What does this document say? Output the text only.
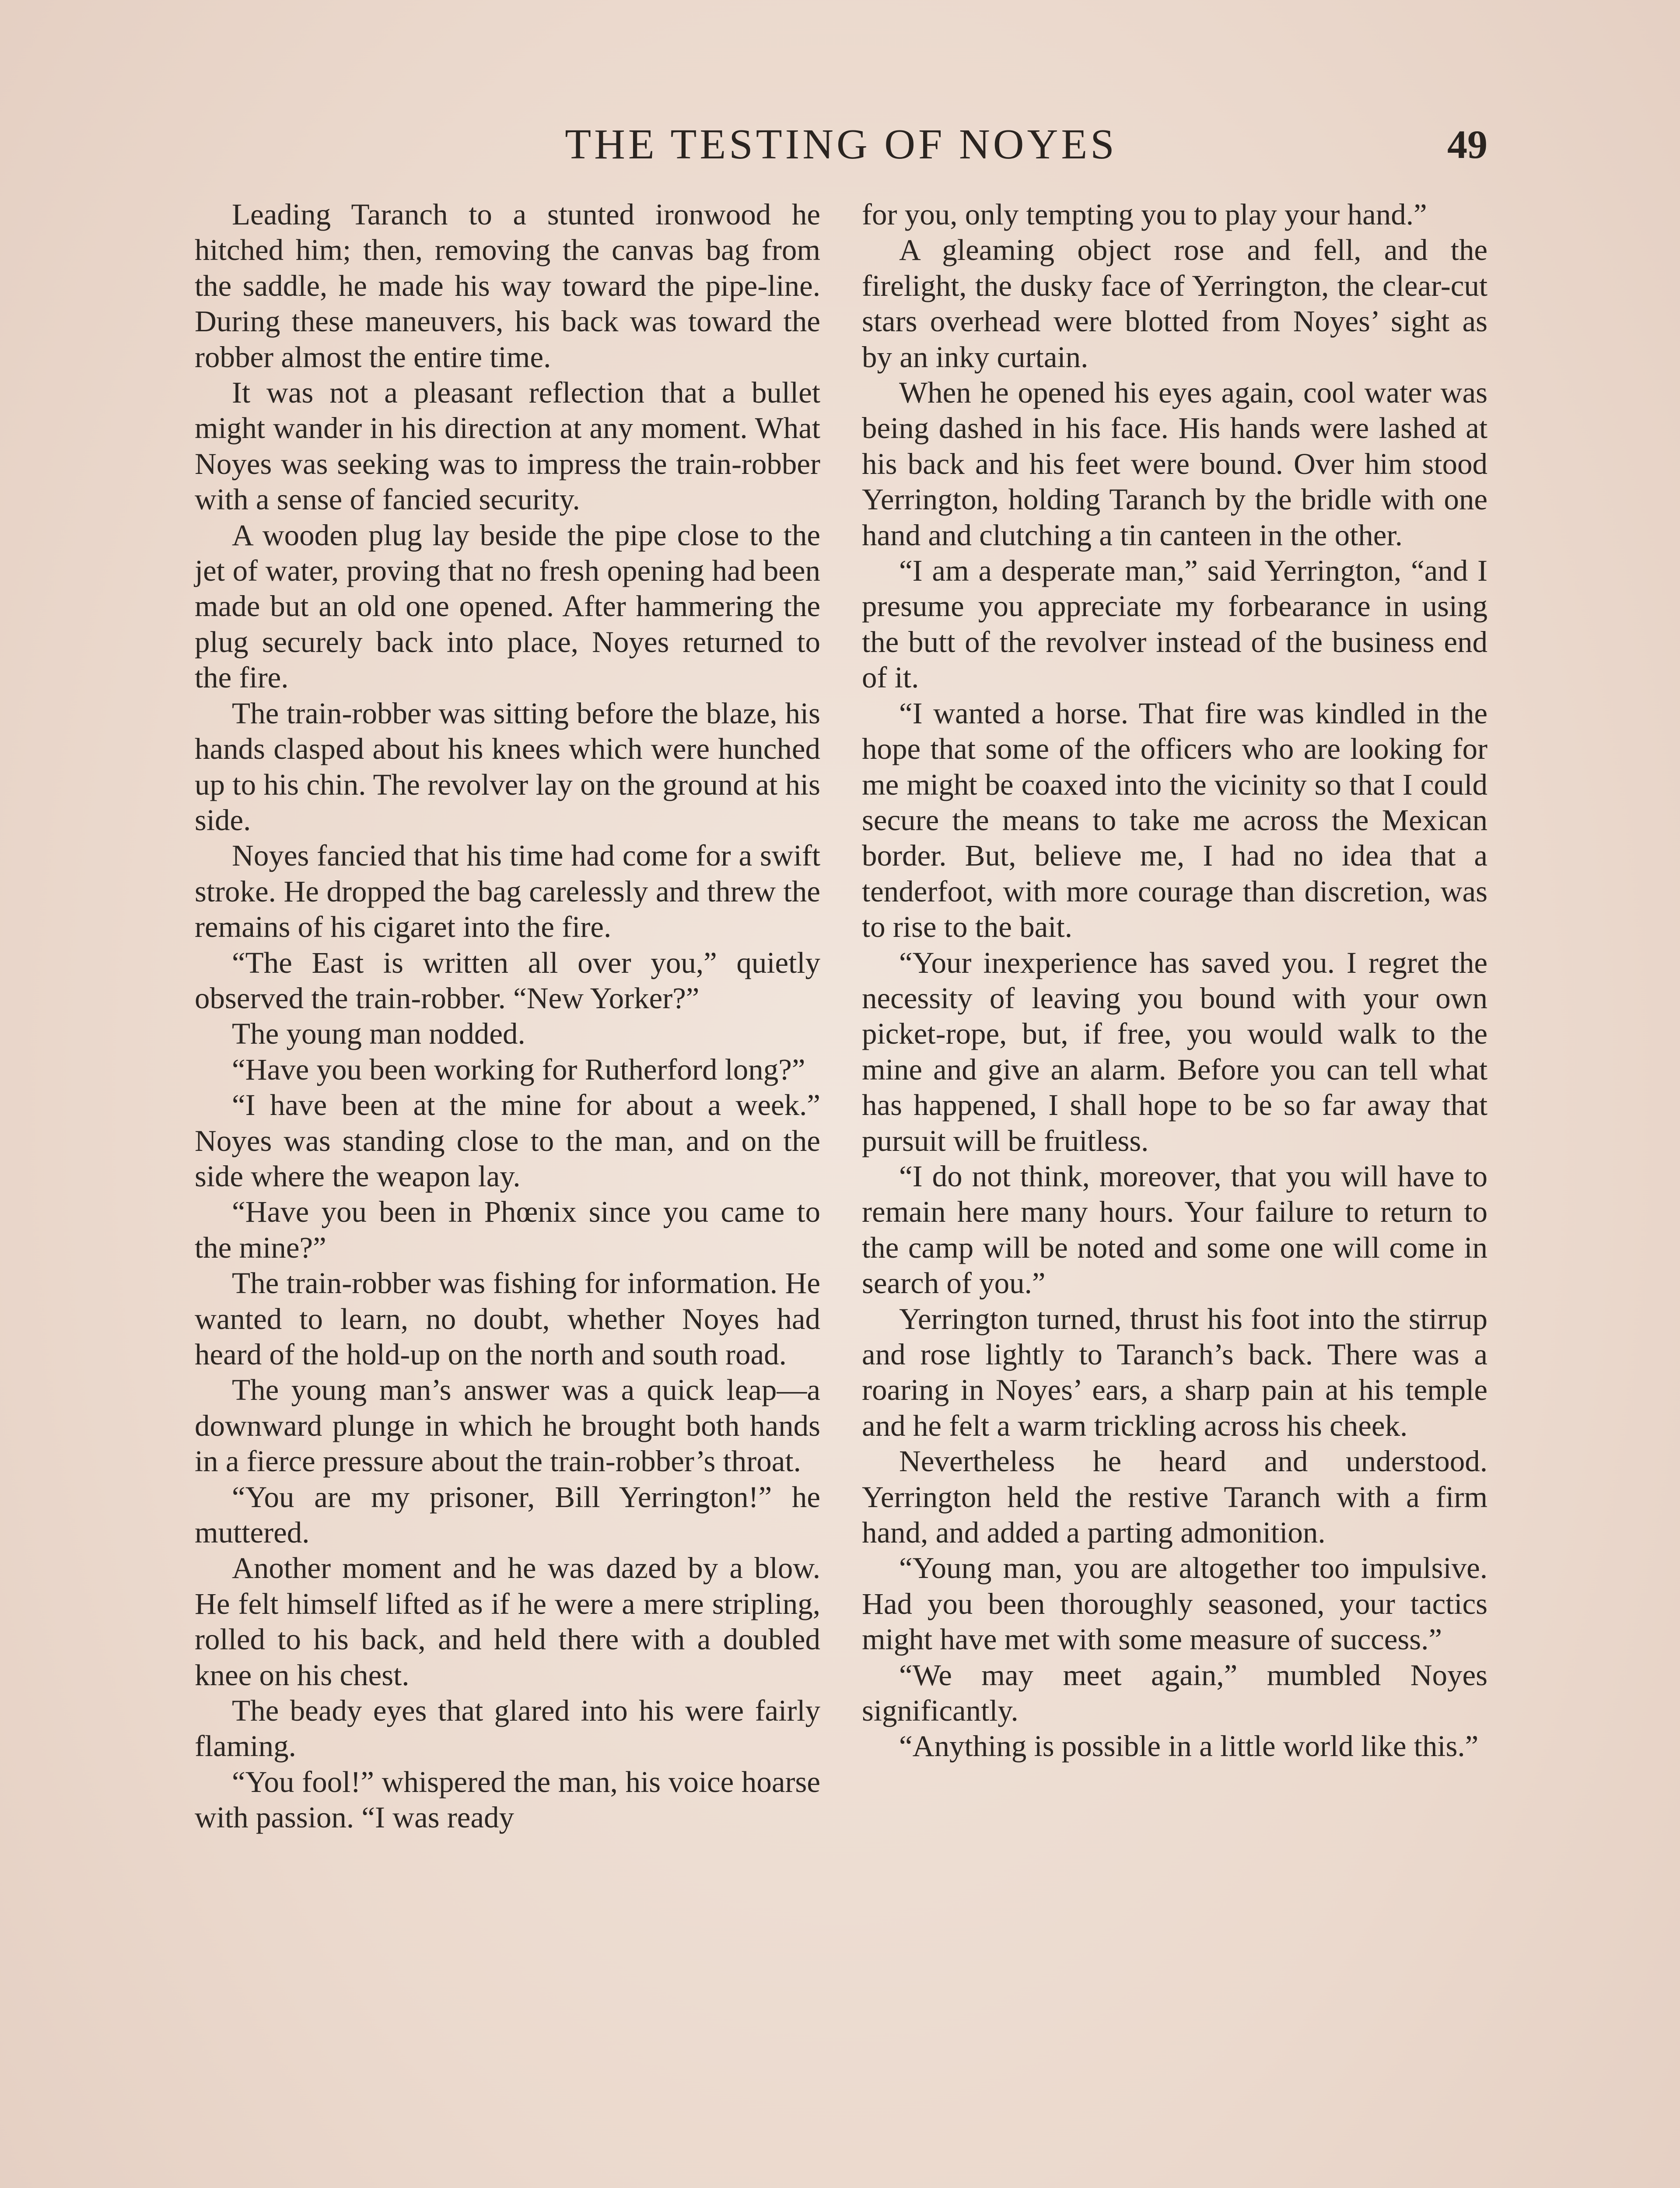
THE TESTING OF NOYES	49

Leading Taranch to a stunted ironwood he hitched him; then, removing the canvas bag from the saddle, he made his way toward the pipe-line. During these maneuvers, his back was toward the robber almost the entire time.

It was not a pleasant reflection that a bullet might wander in his direction at any moment. What Noyes was seeking was to impress the train-robber with a sense of fancied security.

A wooden plug lay beside the pipe close to the jet of water, proving that no fresh opening had been made but an old one opened. After hammering the plug securely back into place, Noyes returned to the fire.

The train-robber was sitting before the blaze, his hands clasped about his knees which were hunched up to his chin. The revolver lay on the ground at his side.

Noyes fancied that his time had come for a swift stroke. He dropped the bag carelessly and threw the remains of his cigaret into the fire.

“The East is written all over you,” quietly observed the train-robber. “New Yorker?”

The young man nodded.

“Have you been working for Rutherford long?”

“I have been at the mine for about a week.” Noyes was standing close to the man, and on the side where the weapon lay.

“Have you been in Phœnix since you came to the mine?”

The train-robber was fishing for information. He wanted to learn, no doubt, whether Noyes had heard of the hold-up on the north and south road.

The young man’s answer was a quick leap—a downward plunge in which he brought both hands in a fierce pressure about the train-robber’s throat.

“You are my prisoner, Bill Yerrington!” he muttered.

Another moment and he was dazed by a blow. He felt himself lifted as if he were a mere stripling, rolled to his back, and held there with a doubled knee on his chest.

The beady eyes that glared into his were fairly flaming.

“You fool!” whispered the man, his voice hoarse with passion. “I was ready

for you, only tempting you to play your hand.”

A gleaming object rose and fell, and the firelight, the dusky face of Yerrington, the clear-cut stars overhead were blotted from Noyes’ sight as by an inky curtain.

When he opened his eyes again, cool water was being dashed in his face. His hands were lashed at his back and his feet were bound. Over him stood Yerrington, holding Taranch by the bridle with one hand and clutching a tin canteen in the other.

“I am a desperate man,” said Yerrington, “and I presume you appreciate my forbearance in using the butt of the revolver instead of the business end of it.

“I wanted a horse. That fire was kindled in the hope that some of the officers who are looking for me might be coaxed into the vicinity so that I could secure the means to take me across the Mexican border. But, believe me, I had no idea that a tenderfoot, with more courage than discretion, was to rise to the bait.

“Your inexperience has saved you. I regret the necessity of leaving you bound with your own picket-rope, but, if free, you would walk to the mine and give an alarm. Before you can tell what has happened, I shall hope to be so far away that pursuit will be fruitless.

“I do not think, moreover, that you will have to remain here many hours. Your failure to return to the camp will be noted and some one will come in search of you.”

Yerrington turned, thrust his foot into the stirrup and rose lightly to Taranch’s back. There was a roaring in Noyes’ ears, a sharp pain at his temple and he felt a warm trickling across his cheek.

Nevertheless he heard and understood. Yerrington held the restive Taranch with a firm hand, and added a parting admonition.

“Young man, you are altogether too impulsive. Had you been thoroughly seasoned, your tactics might have met with some measure of success.”

“We may meet again,” mumbled Noyes significantly.

“Anything is possible in a little world like this.”
